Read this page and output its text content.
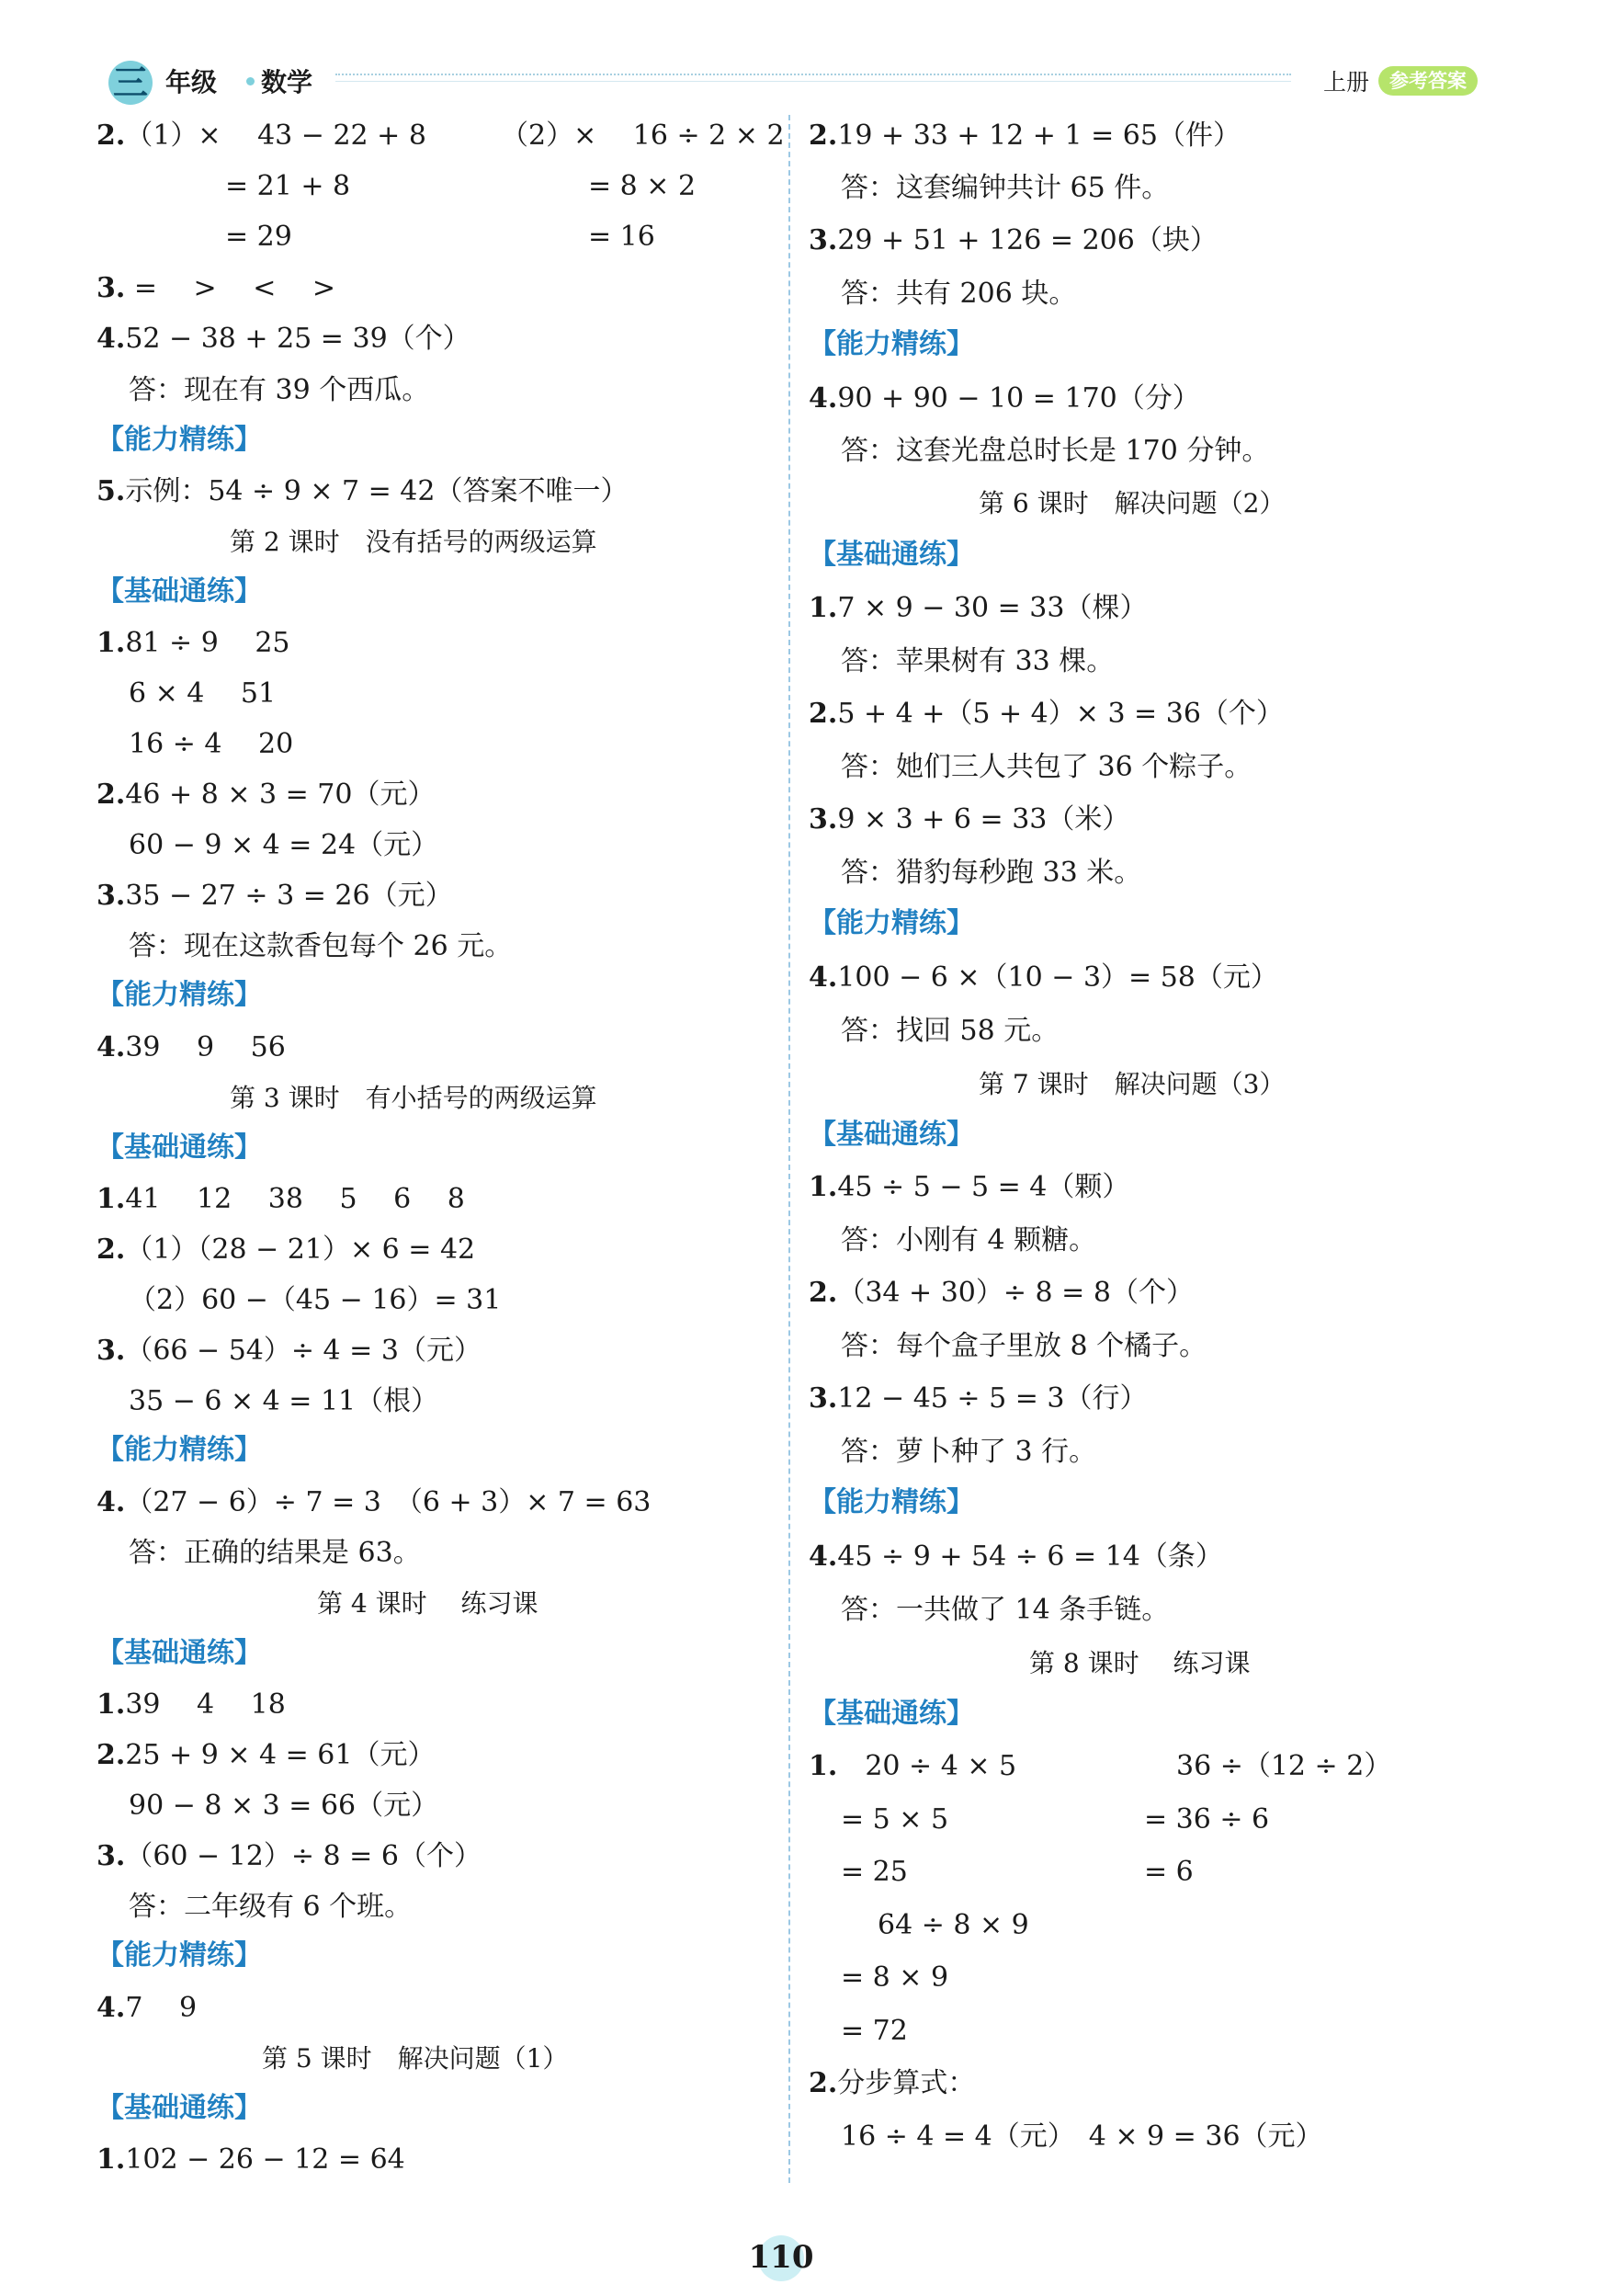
三 年级 数学	上册	参考答案
2.（1）×　 43 − 22 + 8	（2）×　 16 ÷ 2 × 2
= 21 + 8	= 8 × 2
= 29	= 16
3. =　 >　 <　 >
4.52 − 38 + 25 = 39（个）
答：现在有 39 个西瓜。
【能力精练】
5.示例：54 ÷ 9 × 7 = 42（答案不唯一）
第 2 课时　没有括号的两级运算
【基础通练】
1.81 ÷ 9　 25
6 × 4　 51
16 ÷ 4　 20
2.46 + 8 × 3 = 70（元）
60 − 9 × 4 = 24（元）
3.35 − 27 ÷ 3 = 26（元）
答：现在这款香包每个 26 元。
【能力精练】
4.39　 9　 56
第 3 课时　有小括号的两级运算
【基础通练】
1.41　 12　 38　 5　 6　 8
2.（1）（28 − 21）× 6 = 42
（2）60 −（45 − 16）= 31
3.（66 − 54）÷ 4 = 3（元）
35 − 6 × 4 = 11（根）
【能力精练】
4.（27 − 6）÷ 7 = 3　（6 + 3）× 7 = 63
答：正确的结果是 63。
第 4 课时　 练习课
【基础通练】
1.39　 4　 18
2.25 + 9 × 4 = 61（元）
90 − 8 × 3 = 66（元）
3.（60 − 12）÷ 8 = 6（个）
答：二年级有 6 个班。
【能力精练】
4.7　 9
第 5 课时　解决问题（1）
【基础通练】
1.102 − 26 − 12 = 64
2.19 + 33 + 12 + 1 = 65（件）
答：这套编钟共计 65 件。
3.29 + 51 + 126 = 206（块）
答：共有 206 块。
【能力精练】
4.90 + 90 − 10 = 170（分）
答：这套光盘总时长是 170 分钟。
第 6 课时　解决问题（2）
【基础通练】
1.7 × 9 − 30 = 33（棵）
答：苹果树有 33 棵。
2.5 + 4 +（5 + 4）× 3 = 36（个）
答：她们三人共包了 36 个粽子。
3.9 × 3 + 6 = 33（米）
答：猎豹每秒跑 33 米。
【能力精练】
4.100 − 6 ×（10 − 3）= 58（元）
答：找回 58 元。
第 7 课时　解决问题（3）
【基础通练】
1.45 ÷ 5 − 5 = 4（颗）
答：小刚有 4 颗糖。
2.（34 + 30）÷ 8 = 8（个）
答：每个盒子里放 8 个橘子。
3.12 − 45 ÷ 5 = 3（行）
答：萝卜种了 3 行。
【能力精练】
4.45 ÷ 9 + 54 ÷ 6 = 14（条）
答：一共做了 14 条手链。
第 8 课时　 练习课
【基础通练】
1.　20 ÷ 4 × 5	36 ÷（12 ÷ 2）
= 5 × 5	= 36 ÷ 6
= 25	= 6
64 ÷ 8 × 9
= 8 × 9
= 72
2.分步算式：
16 ÷ 4 = 4（元）　4 × 9 = 36（元）
110
